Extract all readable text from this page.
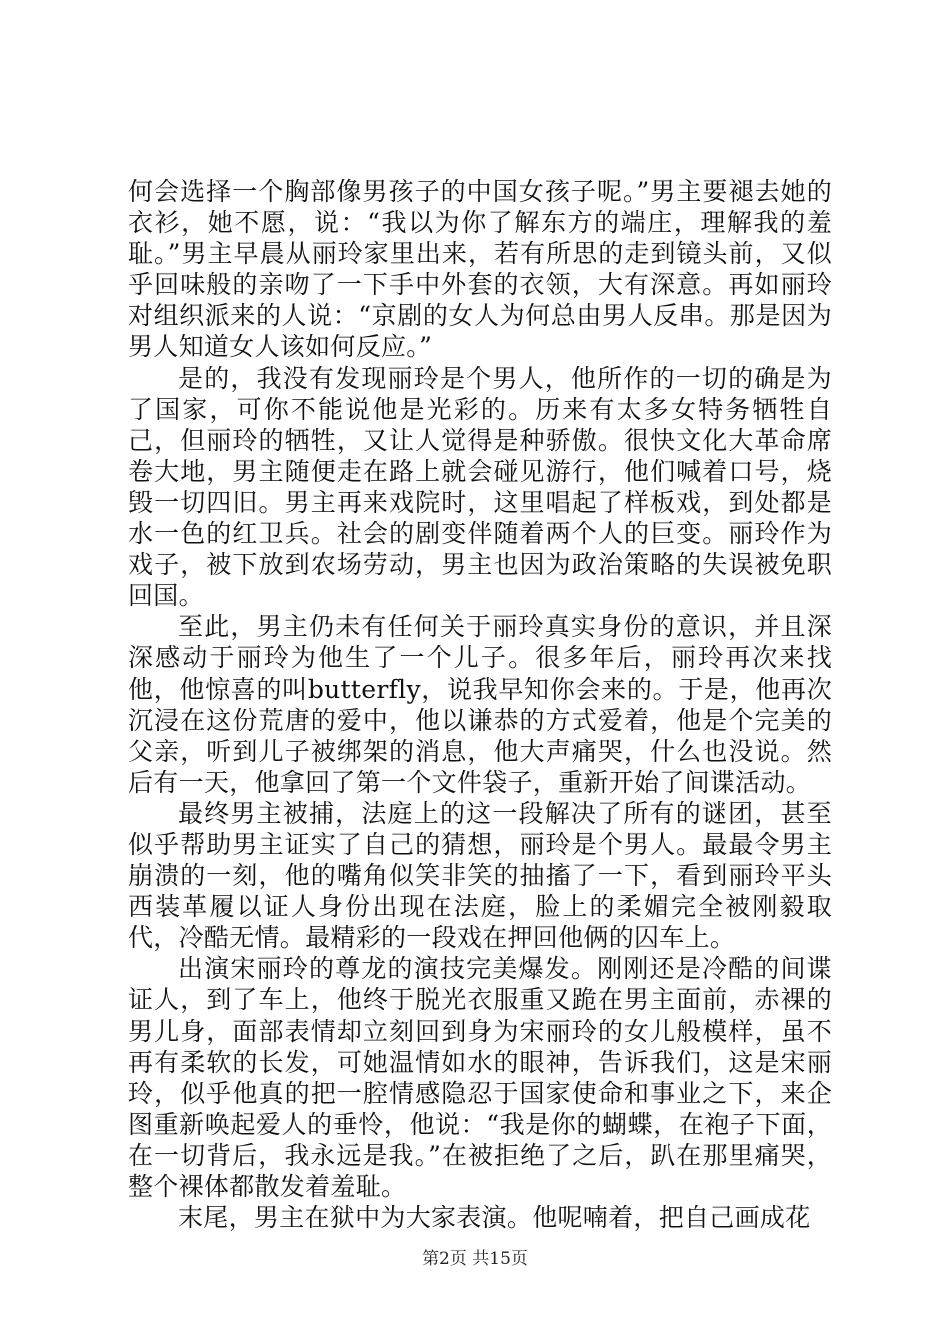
何会选择一个胸部像男孩子的中国女孩子呢。”男主要褪去她的衣衫，她不愿，说：“我以为你了解东方的端庄，理解我的羞耻。”男主早晨从丽玲家里出来，若有所思的走到镜头前，又似乎回味般的亲吻了一下手中外套的衣领，大有深意。再如丽玲对组织派来的人说：“京剧的女人为何总由男人反串。那是因为男人知道女人该如何反应。”

是的，我没有发现丽玲是个男人，他所作的一切的确是为了国家，可你不能说他是光彩的。历来有太多女特务牺牲自己，但丽玲的牺牲，又让人觉得是种骄傲。很快文化大革命席卷大地，男主随便走在路上就会碰见游行，他们喊着口号，烧毁一切四旧。男主再来戏院时，这里唱起了样板戏，到处都是水一色的红卫兵。社会的剧变伴随着两个人的巨变。丽玲作为戏子，被下放到农场劳动，男主也因为政治策略的失误被免职回国。

至此，男主仍未有任何关于丽玲真实身份的意识，并且深深感动于丽玲为他生了一个儿子。很多年后，丽玲再次来找他，他惊喜的叫butterfly，说我早知你会来的。于是，他再次沉浸在这份荒唐的爱中，他以谦恭的方式爱着，他是个完美的父亲，听到儿子被绑架的消息，他大声痛哭，什么也没说。然后有一天，他拿回了第一个文件袋子，重新开始了间谍活动。

最终男主被捕，法庭上的这一段解决了所有的谜团，甚至似乎帮助男主证实了自己的猜想，丽玲是个男人。最最令男主崩溃的一刻，他的嘴角似笑非笑的抽搐了一下，看到丽玲平头西装革履以证人身份出现在法庭，脸上的柔媚完全被刚毅取代，冷酷无情。最精彩的一段戏在押回他俩的囚车上。

出演宋丽玲的尊龙的演技完美爆发。刚刚还是冷酷的间谍证人，到了车上，他终于脱光衣服重又跪在男主面前，赤裸的男儿身，面部表情却立刻回到身为宋丽玲的女儿般模样，虽不再有柔软的长发，可她温情如水的眼神，告诉我们，这是宋丽玲，似乎他真的把一腔情感隐忍于国家使命和事业之下，来企图重新唤起爱人的垂怜，他说：“我是你的蝴蝶，在袍子下面，在一切背后，我永远是我。”在被拒绝了之后，趴在那里痛哭，整个裸体都散发着羞耻。

末尾，男主在狱中为大家表演。他呢喃着，把自己画成花

第2页 共15页
